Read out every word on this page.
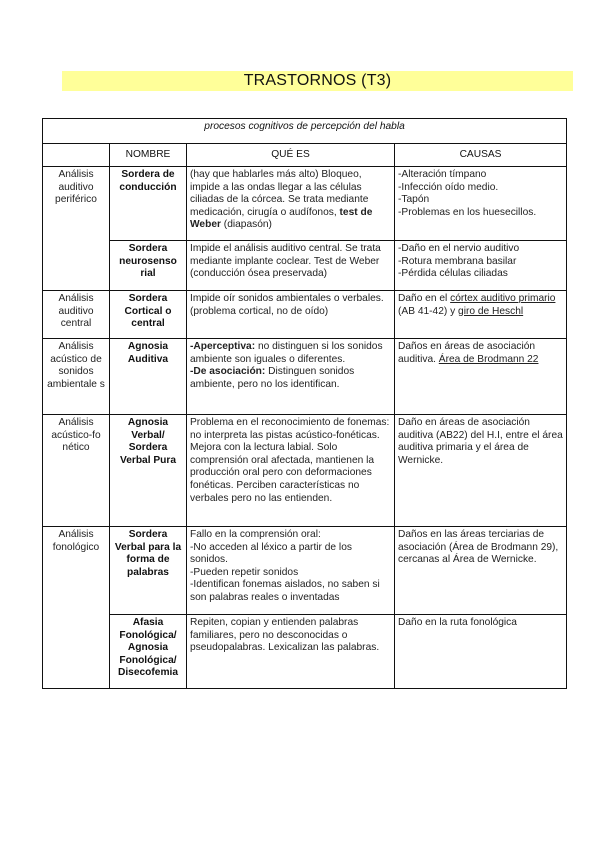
TRASTORNOS (T3)
procesos cognitivos de percepción del habla			
	NOMBRE	QUÉ ES	CAUSAS
Análisis auditivo periférico	Sordera de conducción	(hay que hablarles más alto) Bloqueo, impide a las ondas llegar a las células ciliadas de la córcea. Se trata mediante medicación, cirugía o audífonos, test de Weber (diapasón)	-Alteración tímpano
-Infección oído medio.
-Tapón
-Problemas en los huesecillos.

	Sordera neurosenso rial	Impide el análisis auditivo central. Se trata mediante implante coclear. Test de Weber (conducción ósea preservada)	-Daño en el nervio auditivo
-Rotura membrana basilar
-Pérdida células ciliadas

Análisis auditivo central	Sordera Cortical o central	Impide oír sonidos ambientales o verbales. (problema cortical, no de oído)	Daño en el córtex auditivo primario (AB 41-42) y giro de Heschl
Análisis acústico de sonidos ambientale s	Agnosia Auditiva	-Aperceptiva: no distinguen si los sonidos ambiente son iguales o diferentes.
-De asociación: Distinguen sonidos ambiente, pero no los identifican.	Daños en áreas de asociación auditiva. Área de Brodmann 22
Análisis acústico-fo nético	Agnosia Verbal/ Sordera Verbal Pura	Problema en el reconocimiento de fonemas: no interpreta las pistas acústico-fonéticas. Mejora con la lectura labial. Solo comprensión oral afectada, mantienen la producción oral pero con deformaciones fonéticas. Perciben características no verbales pero no las entienden.	Daño en áreas de asociación auditiva (AB22) del H.I, entre el área auditiva primaria y el área de Wernicke.
Análisis fonológico	Sordera Verbal para la forma de palabras	Fallo en la comprensión oral:
-No acceden al léxico a partir de los sonidos.
-Pueden repetir sonidos
-Identifican fonemas aislados, no saben si son palabras reales o inventadas	Daños en las áreas terciarias de asociación (Área de Brodmann 29), cercanas al Área de Wernicke.
	Afasia Fonológica/ Agnosia Fonológica/ Disecofemia	Repiten, copian y entienden palabras familiares, pero no desconocidas o pseudopalabras. Lexicalizan las palabras.	Daño en la ruta fonológica
